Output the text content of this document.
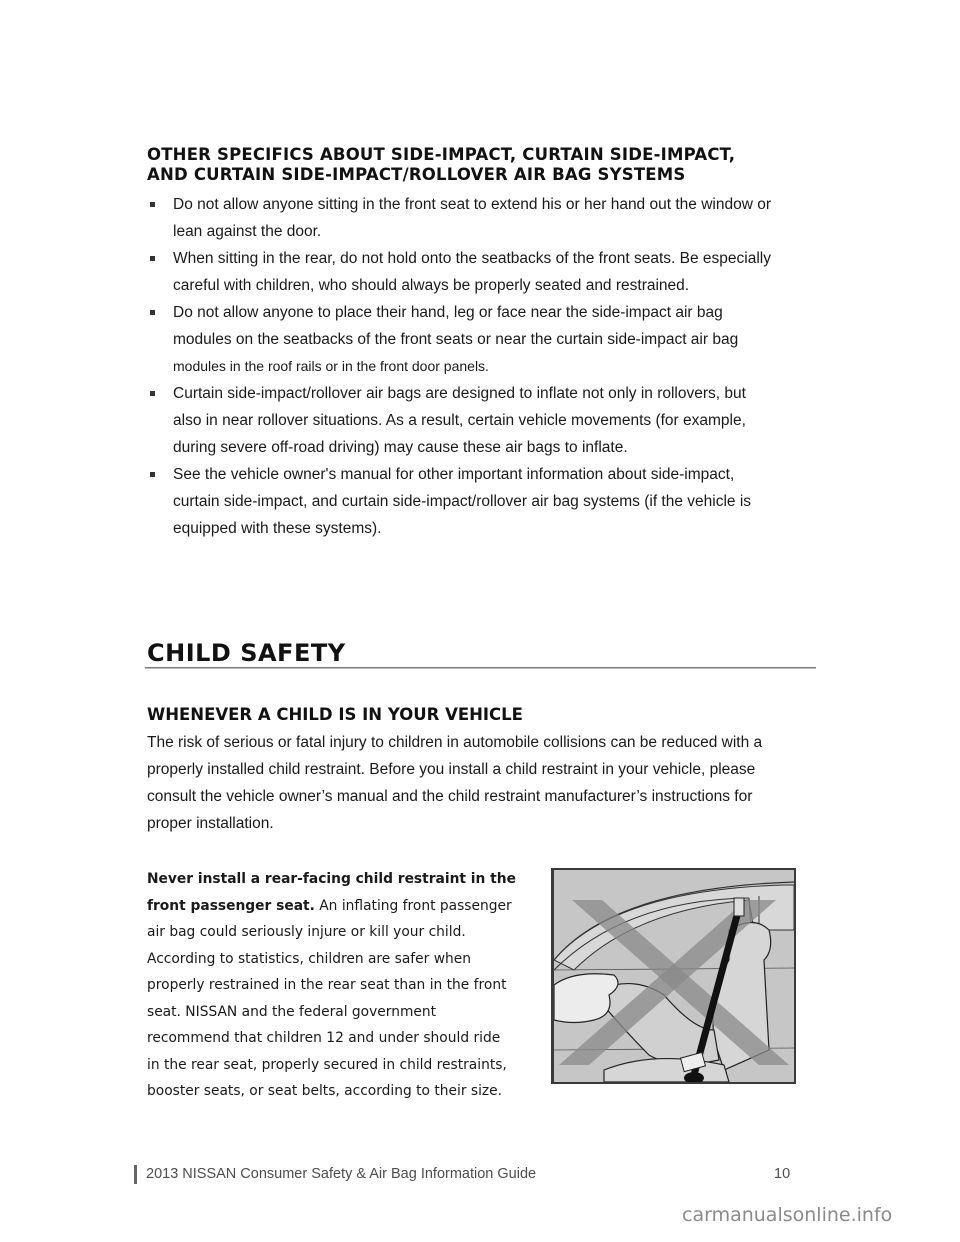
OTHER SPECIFICS ABOUT SIDE-IMPACT, CURTAIN SIDE-IMPACT,
AND CURTAIN SIDE-IMPACT/ROLLOVER AIR BAG SYSTEMS
Do not allow anyone sitting in the front seat to extend his or her hand out the window or
lean against the door.
When sitting in the rear, do not hold onto the seatbacks of the front seats. Be especially
careful with children, who should always be properly seated and restrained.
Do not allow anyone to place their hand, leg or face near the side-impact air bag
modules on the seatbacks of the front seats or near the curtain side-impact air bag
modules in the roof rails or in the front door panels.
Curtain side-impact/rollover air bags are designed to inflate not only in rollovers, but
also in near rollover situations. As a result, certain vehicle movements (for example,
during severe off-road driving) may cause these air bags to inflate.
See the vehicle owner's manual for other important information about side-impact,
curtain side-impact, and curtain side-impact/rollover air bag systems (if the vehicle is
equipped with these systems).
CHILD SAFETY
WHENEVER A CHILD IS IN YOUR VEHICLE
The risk of serious or fatal injury to children in automobile collisions can be reduced with a
properly installed child restraint. Before you install a child restraint in your vehicle, please
consult the vehicle owner’s manual and the child restraint manufacturer’s instructions for
proper installation.
Never install a rear-facing child restraint in the
front passenger seat. An inflating front passenger
air bag could seriously injure or kill your child.
According to statistics, children are safer when
properly restrained in the rear seat than in the front
seat. NISSAN and the federal government
recommend that children 12 and under should ride
in the rear seat, properly secured in child restraints,
booster seats, or seat belts, according to their size.
2013 NISSAN Consumer Safety & Air Bag Information Guide	10
carmanualsonline.info
